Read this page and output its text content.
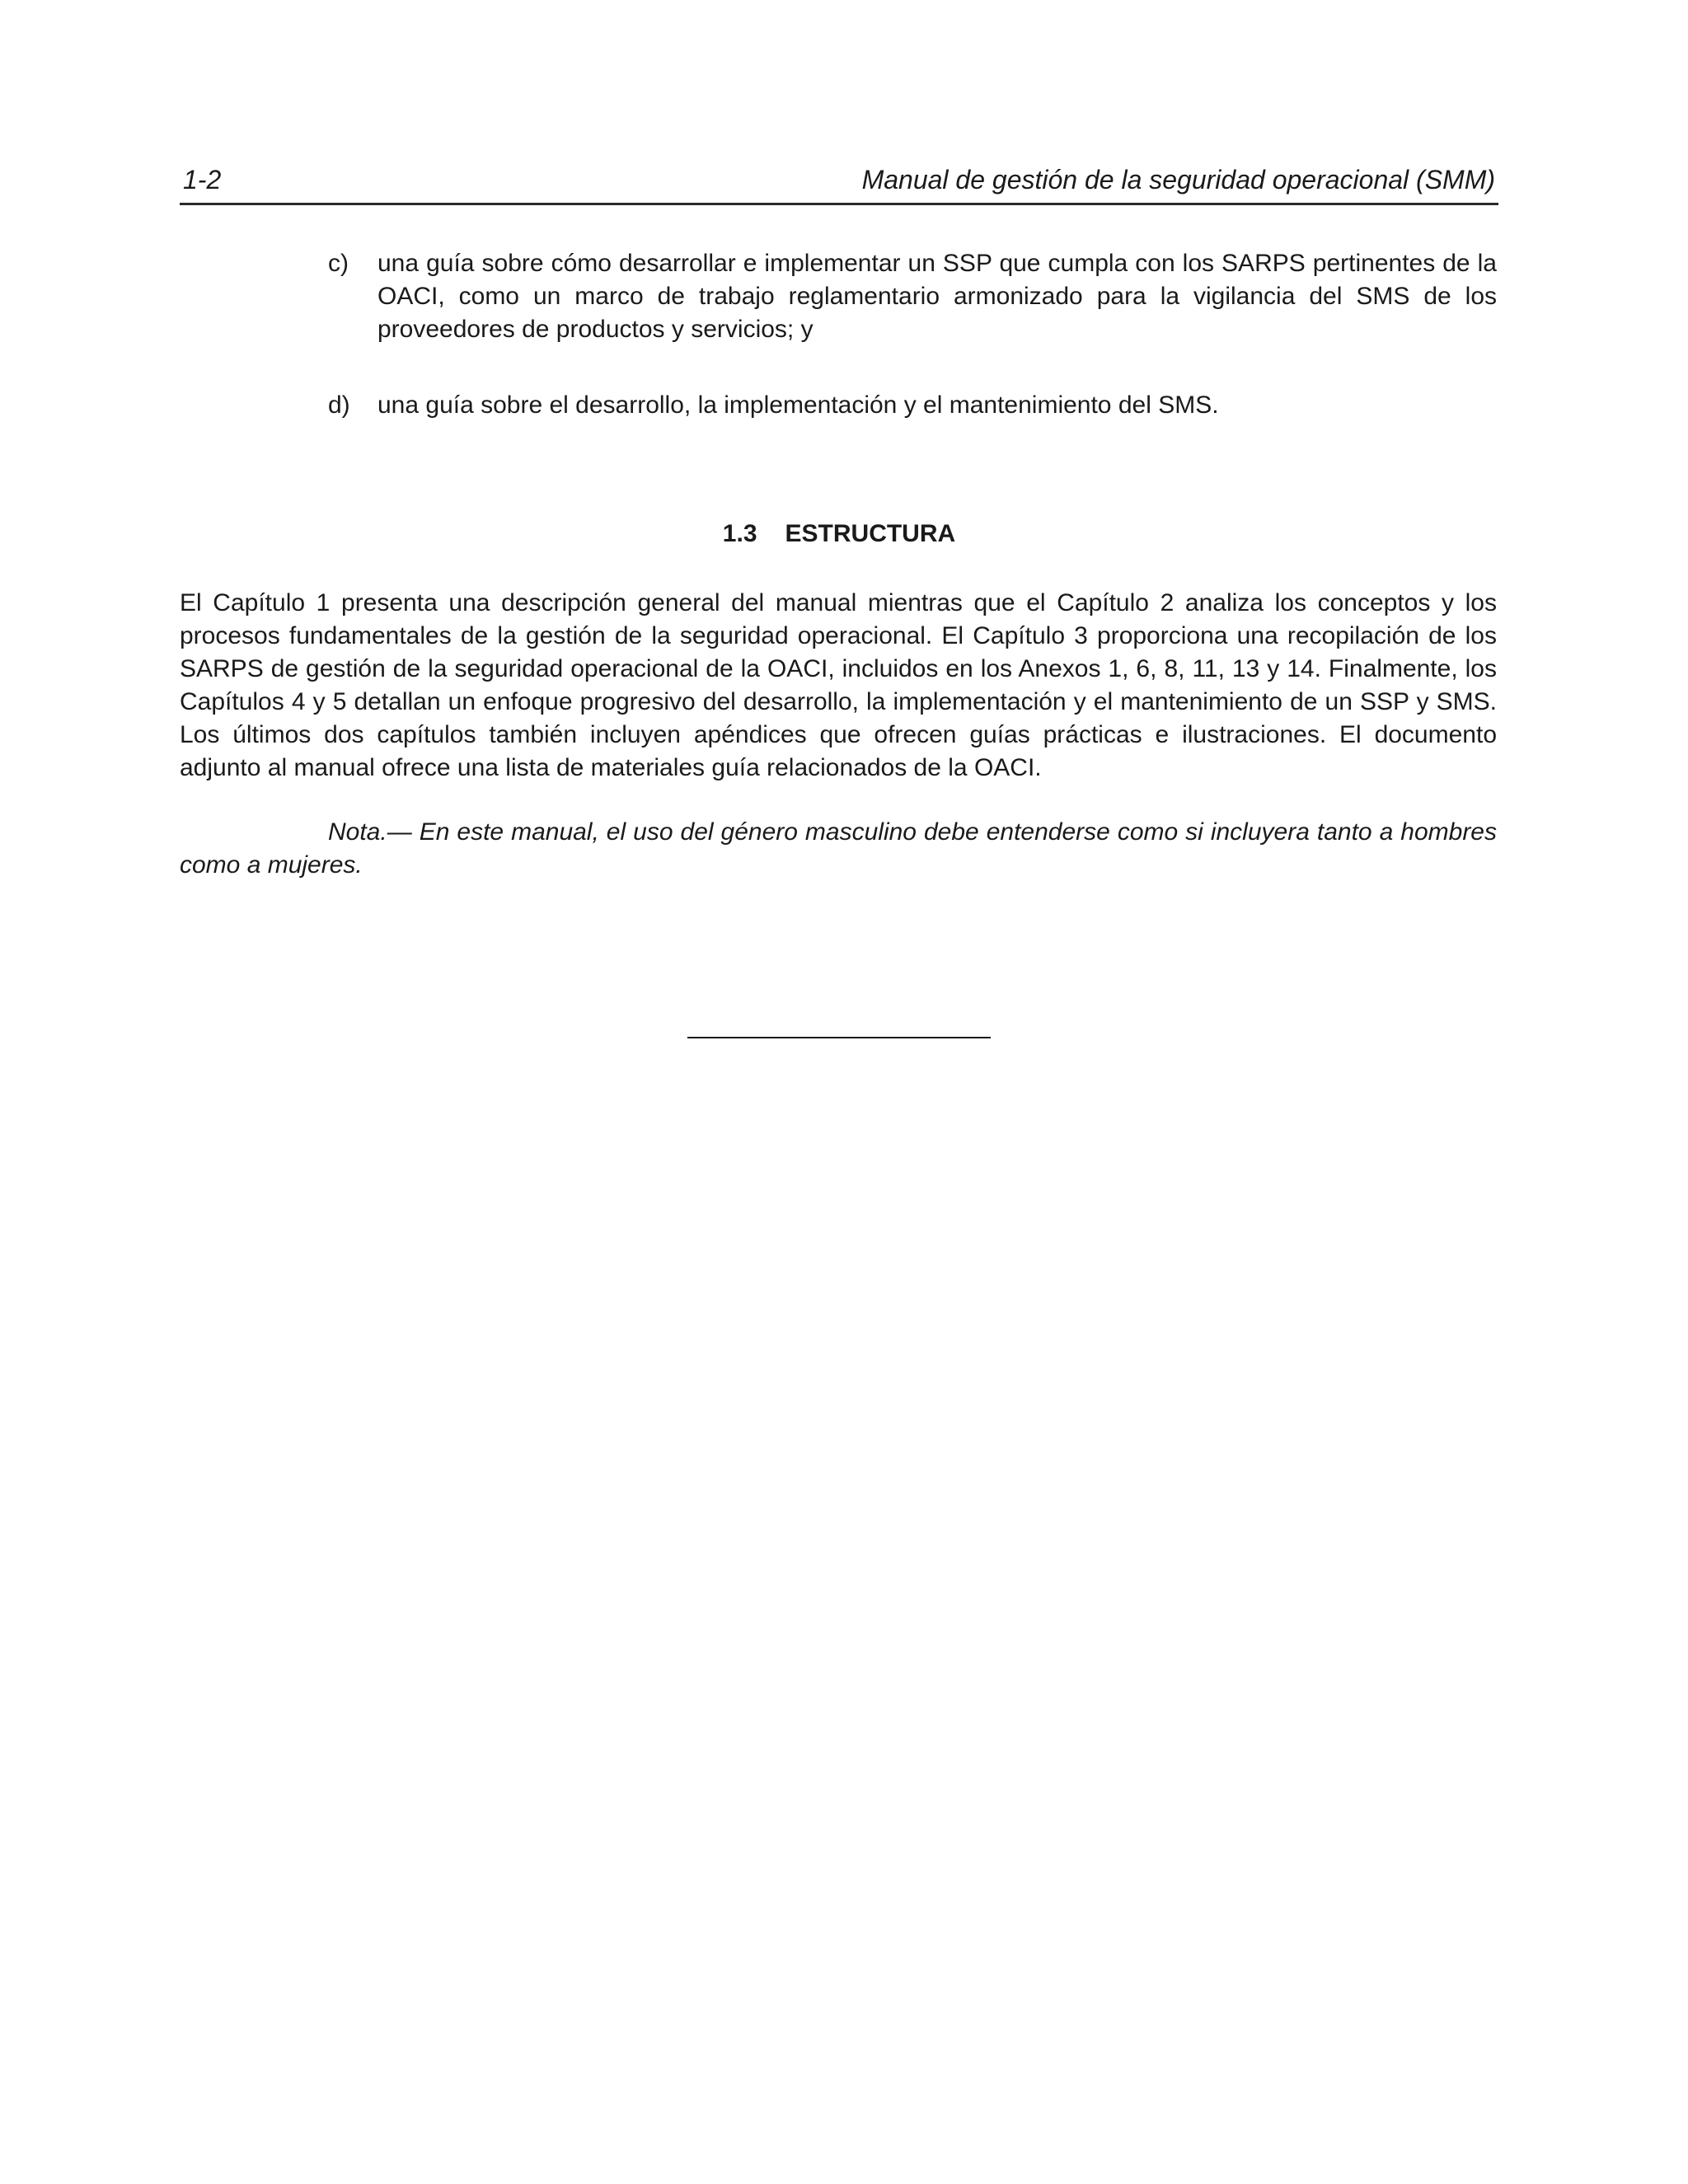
1-2	Manual de gestión de la seguridad operacional (SMM)
c)	una guía sobre cómo desarrollar e implementar un SSP que cumpla con los SARPS pertinentes de la OACI, como un marco de trabajo reglamentario armonizado para la vigilancia del SMS de los proveedores de productos y servicios; y
d)	una guía sobre el desarrollo, la implementación y el mantenimiento del SMS.
1.3 ESTRUCTURA
El Capítulo 1 presenta una descripción general del manual mientras que el Capítulo 2 analiza los conceptos y los procesos fundamentales de la gestión de la seguridad operacional. El Capítulo 3 proporciona una recopilación de los SARPS de gestión de la seguridad operacional de la OACI, incluidos en los Anexos 1, 6, 8, 11, 13 y 14. Finalmente, los Capítulos 4 y 5 detallan un enfoque progresivo del desarrollo, la implementación y el mantenimiento de un SSP y SMS. Los últimos dos capítulos también incluyen apéndices que ofrecen guías prácticas e ilustraciones. El documento adjunto al manual ofrece una lista de materiales guía relacionados de la OACI.
Nota.— En este manual, el uso del género masculino debe entenderse como si incluyera tanto a hombres como a mujeres.
